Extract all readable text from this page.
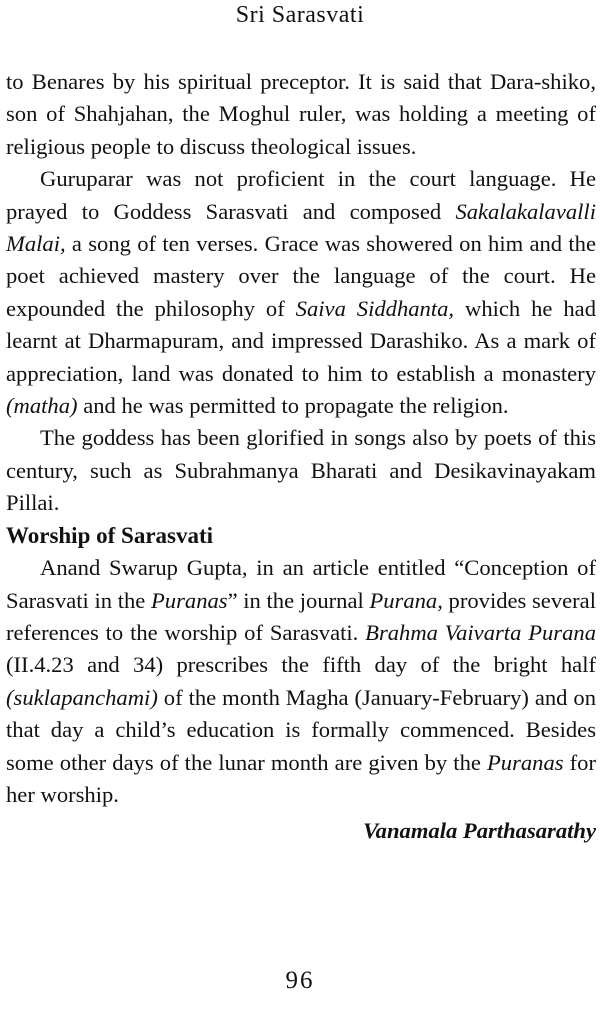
Sri Sarasvati

to Benares by his spiritual preceptor. It is said that Dara-shiko, son of Shahjahan, the Moghul ruler, was holding a meeting of religious people to discuss theological issues.

Guruparar was not proficient in the court language. He prayed to Goddess Sarasvati and composed Sakalakalavalli Malai, a song of ten verses. Grace was showered on him and the poet achieved mastery over the language of the court. He expounded the philosophy of Saiva Siddhanta, which he had learnt at Dharmapuram, and impressed Darashiko. As a mark of appreciation, land was donated to him to establish a monastery (matha) and he was permitted to propagate the religion.

The goddess has been glorified in songs also by poets of this century, such as Subrahmanya Bharati and Desikavinayakam Pillai.

Worship of Sarasvati

Anand Swarup Gupta, in an article entitled “Conception of Sarasvati in the Puranas” in the journal Purana, provides several references to the worship of Sarasvati. Brahma Vaivarta Purana (II.4.23 and 34) prescribes the fifth day of the bright half (suklapanchami) of the month Magha (January-February) and on that day a child’s education is formally commenced. Besides some other days of the lunar month are given by the Puranas for her worship.

Vanamala Parthasarathy

96
